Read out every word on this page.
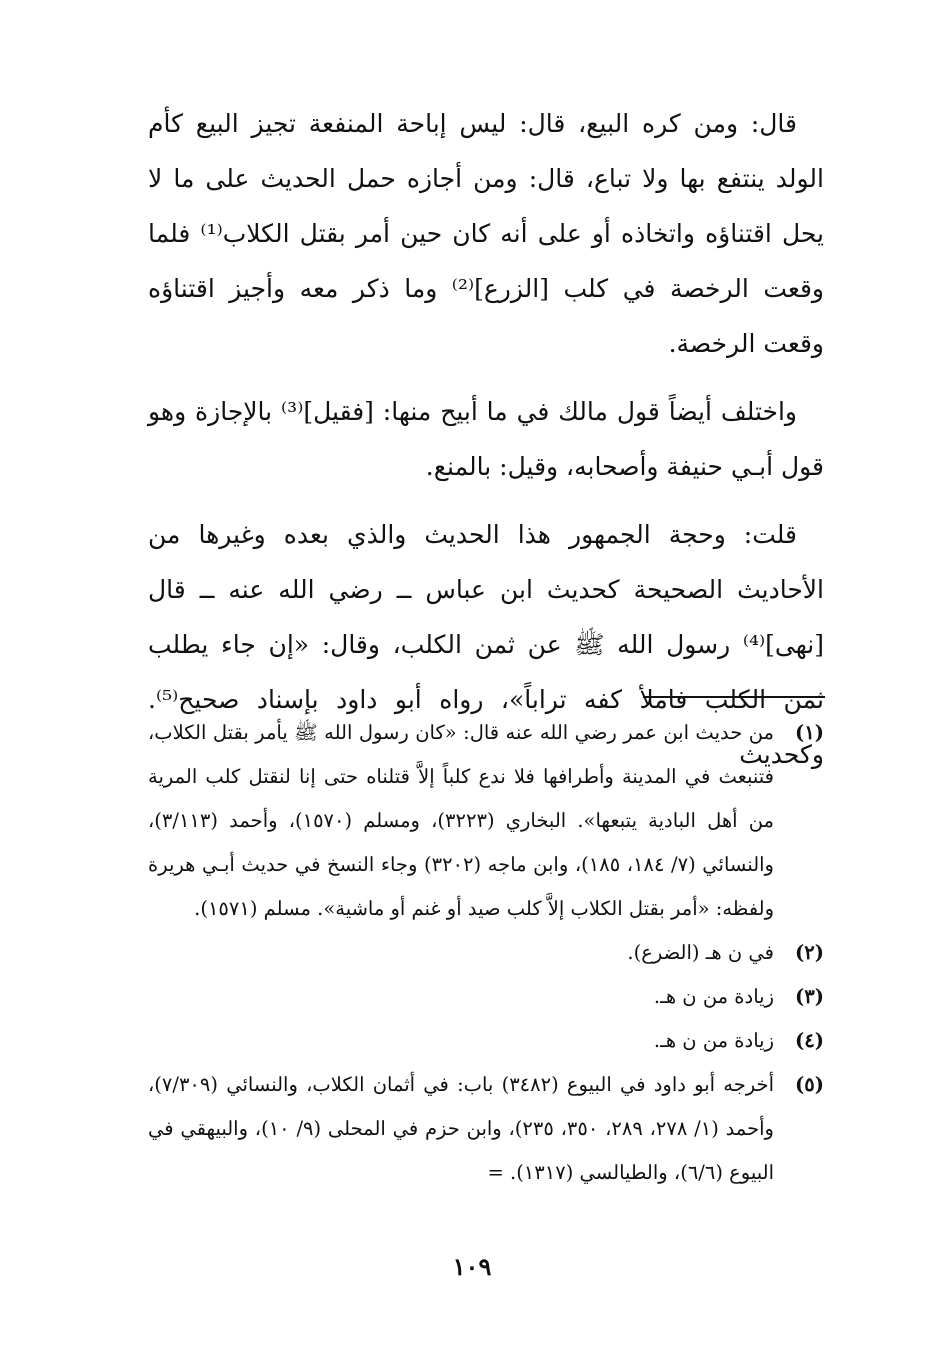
قال: ومن كره البيع، قال: ليس إباحة المنفعة تجيز البيع كأم الولد ينتفع بها ولا تباع، قال: ومن أجازه حمل الحديث على ما لا يحل اقتناؤه واتخاذه أو على أنه كان حين أمر بقتل الكلاب⁽¹⁾ فلما وقعت الرخصة في كلب [الزرع]⁽²⁾ وما ذكر معه وأجيز اقتناؤه وقعت الرخصة.

واختلف أيضاً قول مالك في ما أبيح منها: [فقيل]⁽³⁾ بالإجازة وهو قول أبـي حنيفة وأصحابه، وقيل: بالمنع.

قلت: وحجة الجمهور هذا الحديث والذي بعده وغيرها من الأحاديث الصحيحة كحديث ابن عباس ــ رضي الله عنه ــ قال [نهى]⁽⁴⁾ رسول الله ﷺ عن ثمن الكلب، وقال: «إن جاء يطلب ثمن الكلب فاملأ كفه تراباً»، رواه أبو داود بإسناد صحيح⁽⁵⁾. وكحديث

(١)
من حديث ابن عمر رضي الله عنه قال: «كان رسول الله ﷺ يأمر بقتل الكلاب، فتنبعث في المدينة وأطرافها فلا ندع كلباً إلاَّ قتلناه حتى إنا لنقتل كلب المرية من أهل البادية يتبعها». البخاري (٣٢٢٣)، ومسلم (١٥٧٠)، وأحمد (٣/١١٣)، والنسائي (٧/ ١٨٤، ١٨٥)، وابن ماجه (٣٢٠٢) وجاء النسخ في حديث أبـي هريرة ولفظه: «أمر بقتل الكلاب إلاَّ كلب صيد أو غنم أو ماشية». مسلم (١٥٧١).
(٢)
في ن هـ (الضرع).
(٣)
زيادة من ن هـ.
(٤)
زيادة من ن هـ.
(٥)
أخرجه أبو داود في البيوع (٣٤٨٢) باب: في أثمان الكلاب، والنسائي (٧/٣٠٩)، وأحمد (١/ ٢٧٨، ٢٨٩، ٣٥٠، ٢٣٥)، وابن حزم في المحلى (٩/ ١٠)، والبيهقي في البيوع (٦/٦)، والطيالسي (١٣١٧). =
١٠٩
